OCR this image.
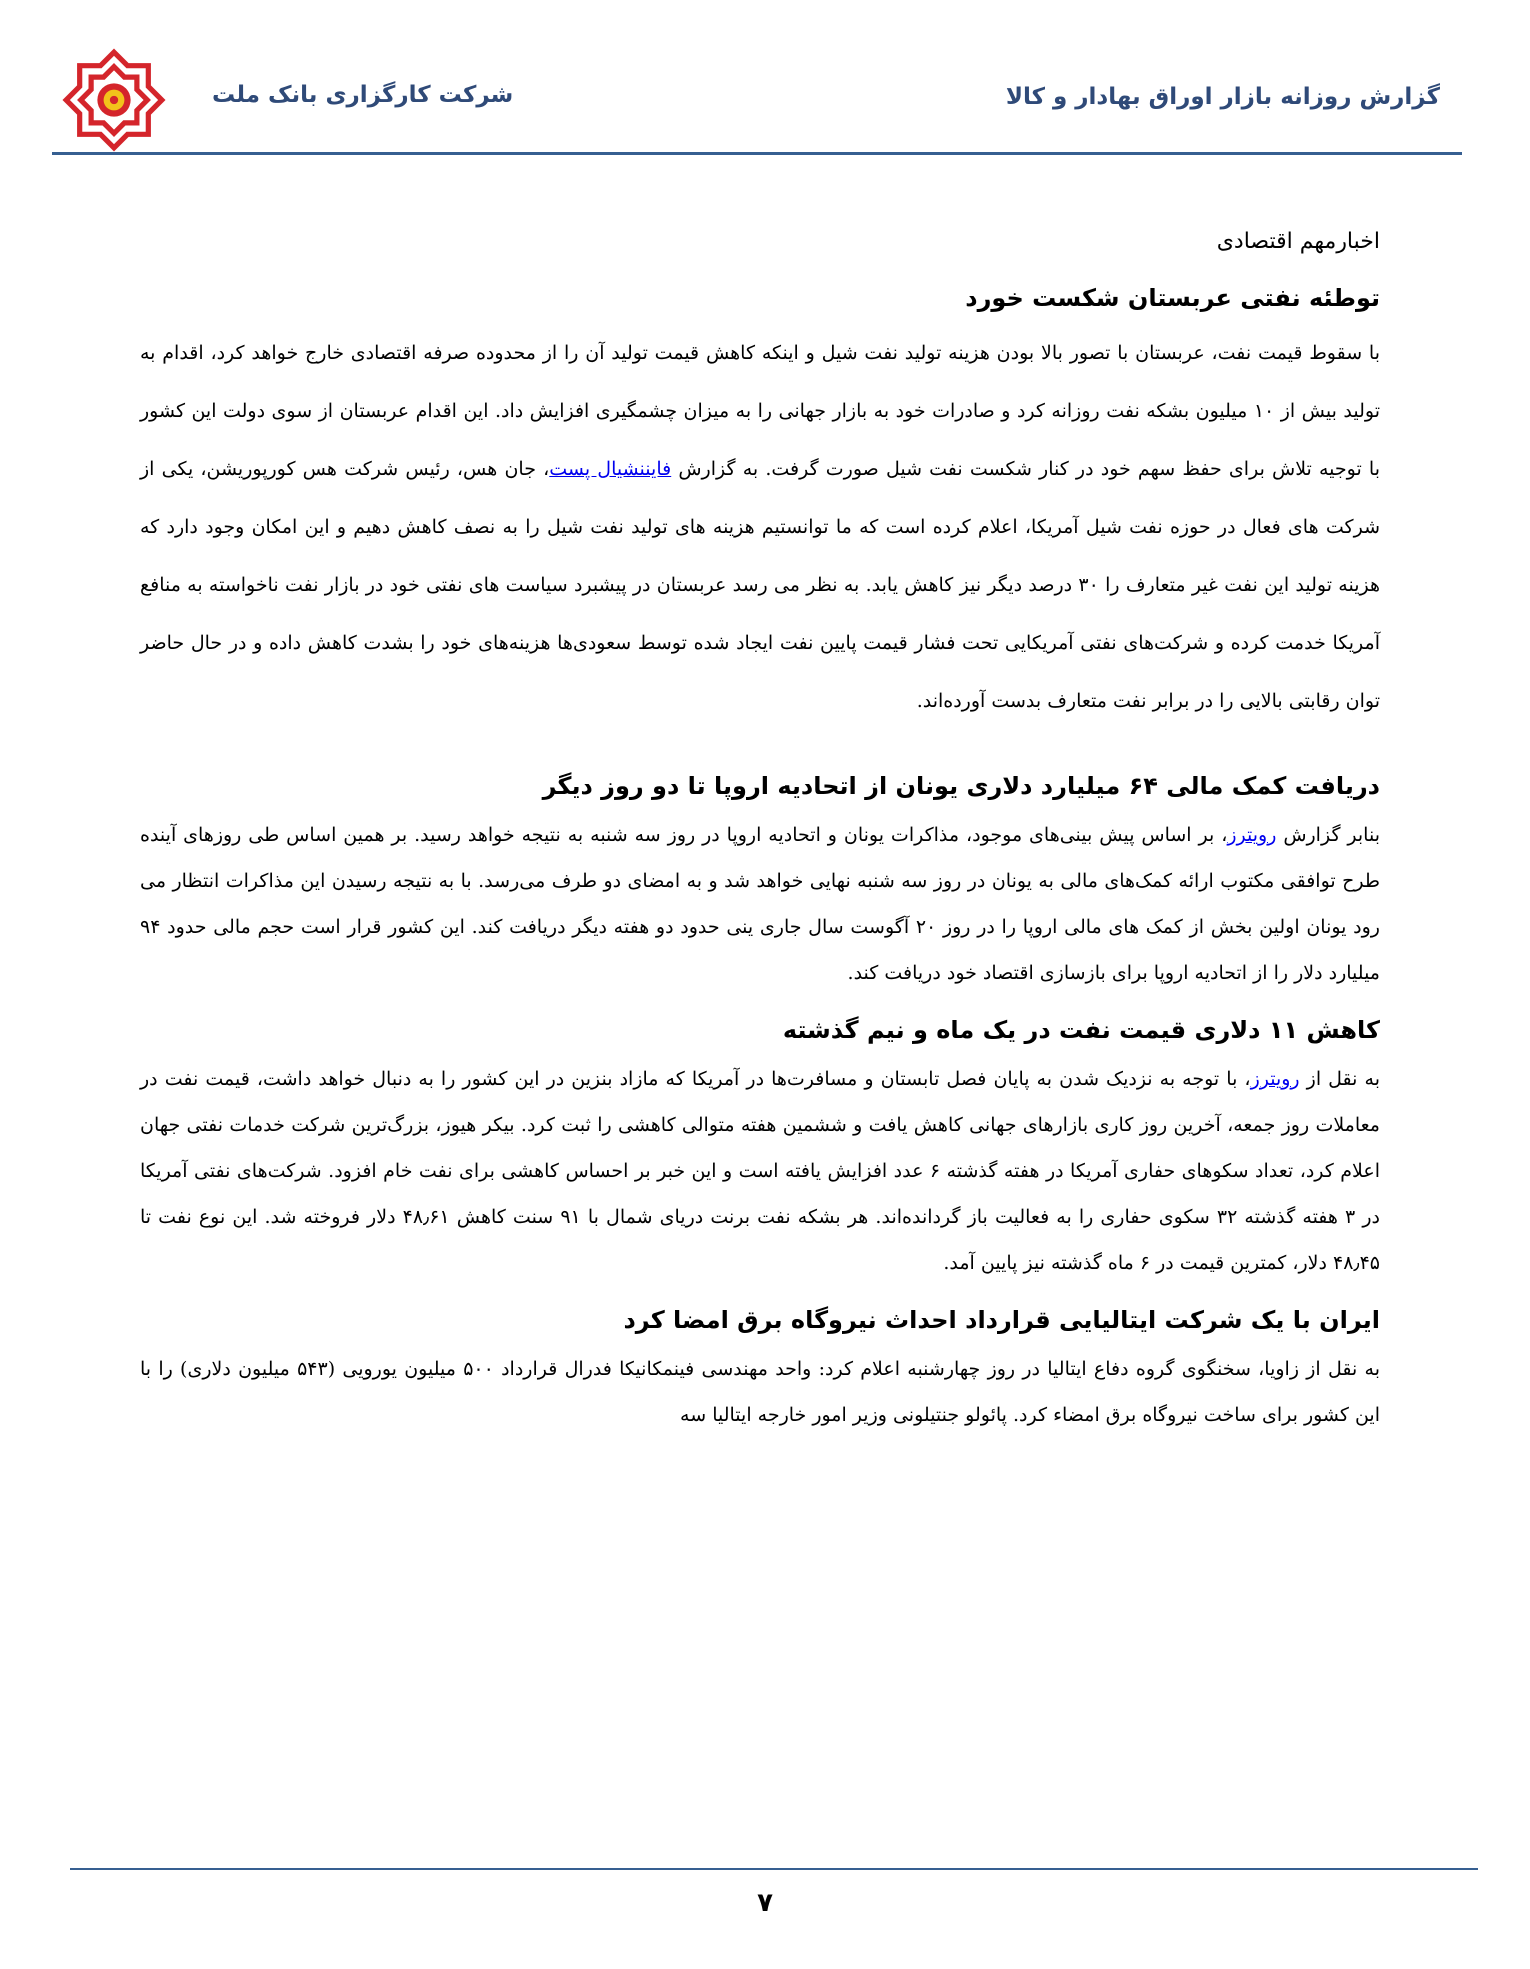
گزارش روزانه بازار اوراق بهادار و کالا
شرکت کارگزاری بانک ملت
اخبارمهم اقتصادی
توطئه نفتی عربستان شکست خورد

با سقوط قیمت نفت، عربستان با تصور بالا بودن هزینه تولید نفت شیل و اینکه کاهش قیمت تولید آن را از محدوده صرفه اقتصادی خارج خواهد کرد، اقدام به تولید بیش از ۱۰ میلیون بشکه نفت روزانه کرد و صادرات خود به بازار جهانی را به میزان چشمگیری افزایش داد. این اقدام عربستان از سوی دولت این کشور با توجیه تلاش برای حفظ سهم خود در کنار شکست نفت شیل صورت گرفت. به گزارش فایننشیال پست، جان هس، رئیس شرکت هس کورپوریشن، یکی از شرکت های فعال در حوزه نفت شیل آمریکا، اعلام کرده است که ما توانستیم هزینه های تولید نفت شیل را به نصف کاهش دهیم و این امکان وجود دارد که هزینه تولید این نفت غیر متعارف را ۳۰ درصد دیگر نیز کاهش یابد. به نظر می رسد عربستان در پیشبرد سیاست های نفتی خود در بازار نفت ناخواسته به منافع آمریکا خدمت کرده و شرکت‌های نفتی آمریکایی تحت فشار قیمت پایین نفت ایجاد شده توسط سعودی‌ها هزینه‌های خود را بشدت کاهش داده و در حال حاضر توان رقابتی بالایی را در برابر نفت متعارف بدست آورده‌اند.

دریافت کمک مالی ۶۴ میلیارد دلاری یونان از اتحادیه اروپا تا دو روز دیگر

بنابر گزارش رویترز، بر اساس پیش بینی‌های موجود، مذاکرات یونان و اتحادیه اروپا در روز سه شنبه به نتیجه خواهد رسید. بر همین اساس طی روزهای آینده طرح توافقی مکتوب ارائه کمک‌های مالی به یونان در روز سه شنبه نهایی خواهد شد و به امضای دو طرف می‌رسد. با به نتیجه رسیدن این مذاکرات انتظار می رود یونان اولین بخش از کمک های مالی اروپا را در روز ۲۰ آگوست سال جاری ینی حدود دو هفته دیگر دریافت کند. این کشور قرار است حجم مالی حدود ۹۴ میلیارد دلار را از اتحادیه اروپا برای بازسازی اقتصاد خود دریافت کند.

کاهش ۱۱ دلاری قیمت نفت در یک ماه و نیم گذشته

به نقل از رویترز، با توجه به نزدیک شدن به پایان فصل تابستان و مسافرت‌ها در آمریکا که مازاد بنزین در این کشور را به دنبال خواهد داشت، قیمت نفت در معاملات روز جمعه، آخرین روز کاری بازارهای جهانی کاهش یافت و ششمین هفته متوالی کاهشی را ثبت کرد. بیکر هیوز، بزرگ‌ترین شرکت خدمات نفتی جهان اعلام کرد، تعداد سکوهای حفاری آمریکا در هفته گذشته ۶ عدد افزایش یافته است و این خبر بر احساس کاهشی برای نفت خام افزود. شرکت‌های نفتی آمریکا در ۳ هفته گذشته ۳۲ سکوی حفاری را به فعالیت باز گردانده‌اند. هر بشکه نفت برنت دریای شمال با ۹۱ سنت کاهش ۴۸٫۶۱ دلار فروخته شد. این نوع نفت تا ۴۸٫۴۵ دلار، کمترین قیمت در ۶ ماه گذشته نیز پایین آمد.

ایران با یک شرکت ایتالیایی قرارداد احداث نیروگاه برق امضا کرد

به نقل از زاویا، سخنگوی گروه دفاع ایتالیا در روز چهارشنبه اعلام کرد: واحد مهندسی فینمکانیکا فدرال قرارداد ۵۰۰ میلیون یورویی (۵۴۳ میلیون دلاری) را با این کشور برای ساخت نیروگاه برق امضاء کرد. پائولو جنتیلونی وزیر امور خارجه ایتالیا سه

۷
